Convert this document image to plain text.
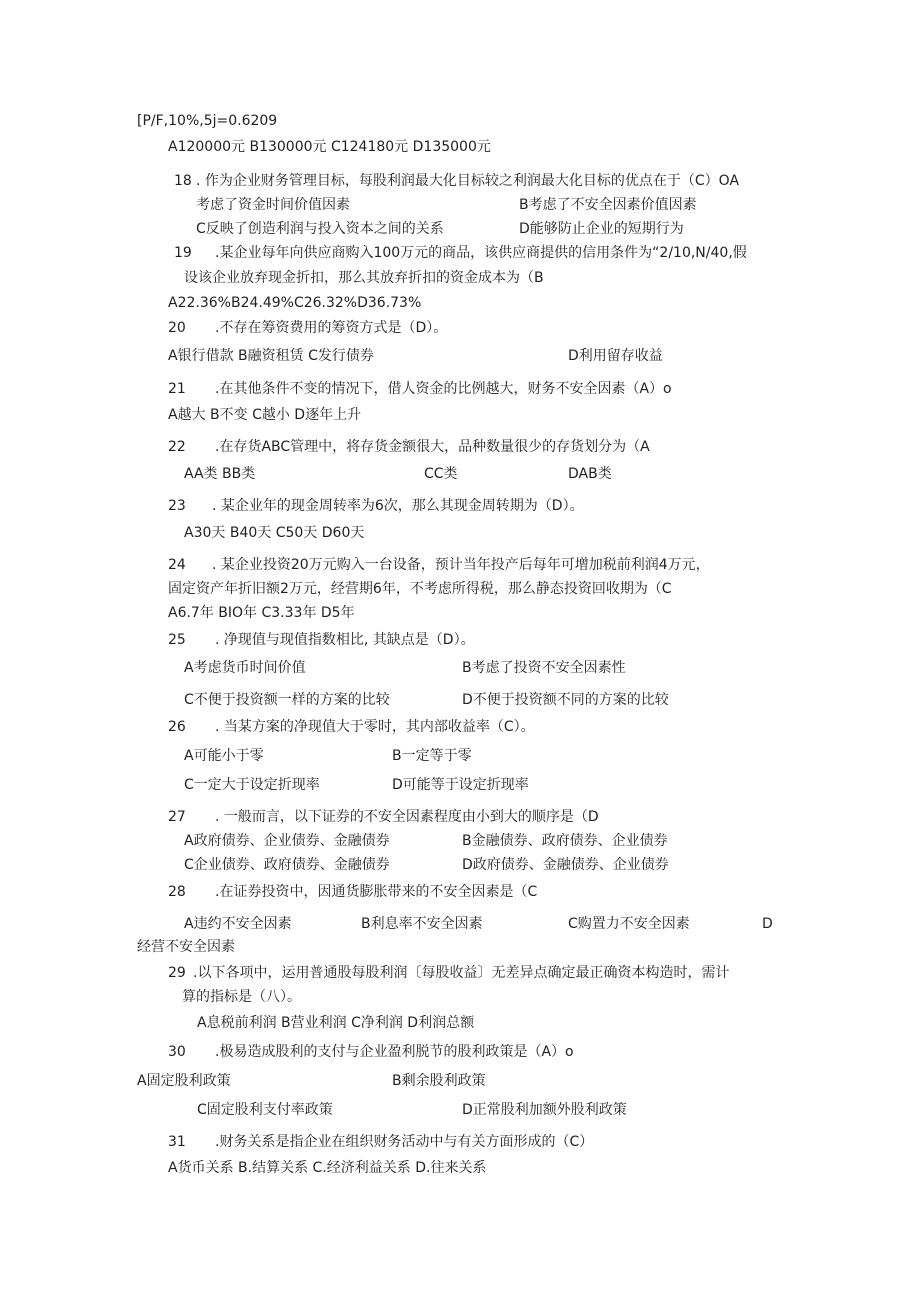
[P/F,10%,5j=0.6209
A120000元 B130000元 C124180元 D135000元
18 . 作为企业财务管理目标，每股利润最大化目标较之利润最大化目标的优点在于（C）OA
考虑了资金时间价值因素	B考虑了不安全因素价值因素
C反映了创造利润与投入资本之间的关系	D能够防止企业的短期行为
19 .某企业每年向供应商购入100万元的商品，该供应商提供的信用条件为“2/10,N/40,假
设该企业放弃现金折扣，那么其放弃折扣的资金成本为（B
A22.36%B24.49%C26.32%D36.73%
20 .不存在筹资费用的筹资方式是（D）。
A银行借款 B融资租赁 C发行债券	D利用留存收益
21 .在其他条件不变的情况下，借人资金的比例越大，财务不安全因素（A）o
A越大 B不变 C越小 D逐年上升
22 .在存货ABC管理中，将存货金额很大，品种数量很少的存货划分为（A
AA类 BB类	CC类	DAB类
23 . 某企业年的现金周转率为6次，那么其现金周转期为（D）。
A30天 B40天 C50天 D60天
24 . 某企业投资20万元购入一台设备，预计当年投产后每年可增加税前利润4万元，
固定资产年折旧额2万元，经营期6年，不考虑所得税，那么静态投资回收期为（C
A6.7年 BIO年 C3.33年 D5年
25 . 净现值与现值指数相比, 其缺点是（D）。
A考虑货币时间价值	B考虑了投资不安全因素性
C不便于投资额一样的方案的比较	D不便于投资额不同的方案的比较
26 . 当某方案的净现值大于零时，其内部收益率（C）。
A可能小于零	B一定等于零
C一定大于设定折现率	D可能等于设定折现率
27 . 一般而言，以下证券的不安全因素程度由小到大的顺序是（D
A政府债券、企业债券、金融债券	B金融债券、政府债券、企业债券
C企业债券、政府债券、金融债券	D政府债券、金融债券、企业债券
28 .在证券投资中，因通货膨胀带来的不安全因素是（C
A违约不安全因素	B利息率不安全因素	C购置力不安全因素	D
经营不安全因素
29 .以下各项中，运用普通股每股利润〔每股收益〕无差异点确定最正确资本构造时，需计
算的指标是（八）。
A息税前利润 B营业利润 C净利润 D利润总额
30 .极易造成股利的支付与企业盈利脱节的股利政策是（A）o
A固定股利政策	B剩余股利政策
C固定股利支付率政策	D正常股利加额外股利政策
31 .财务关系是指企业在组织财务活动中与有关方面形成的（C）
A货币关系 B.结算关系 C.经济利益关系 D.往来关系
